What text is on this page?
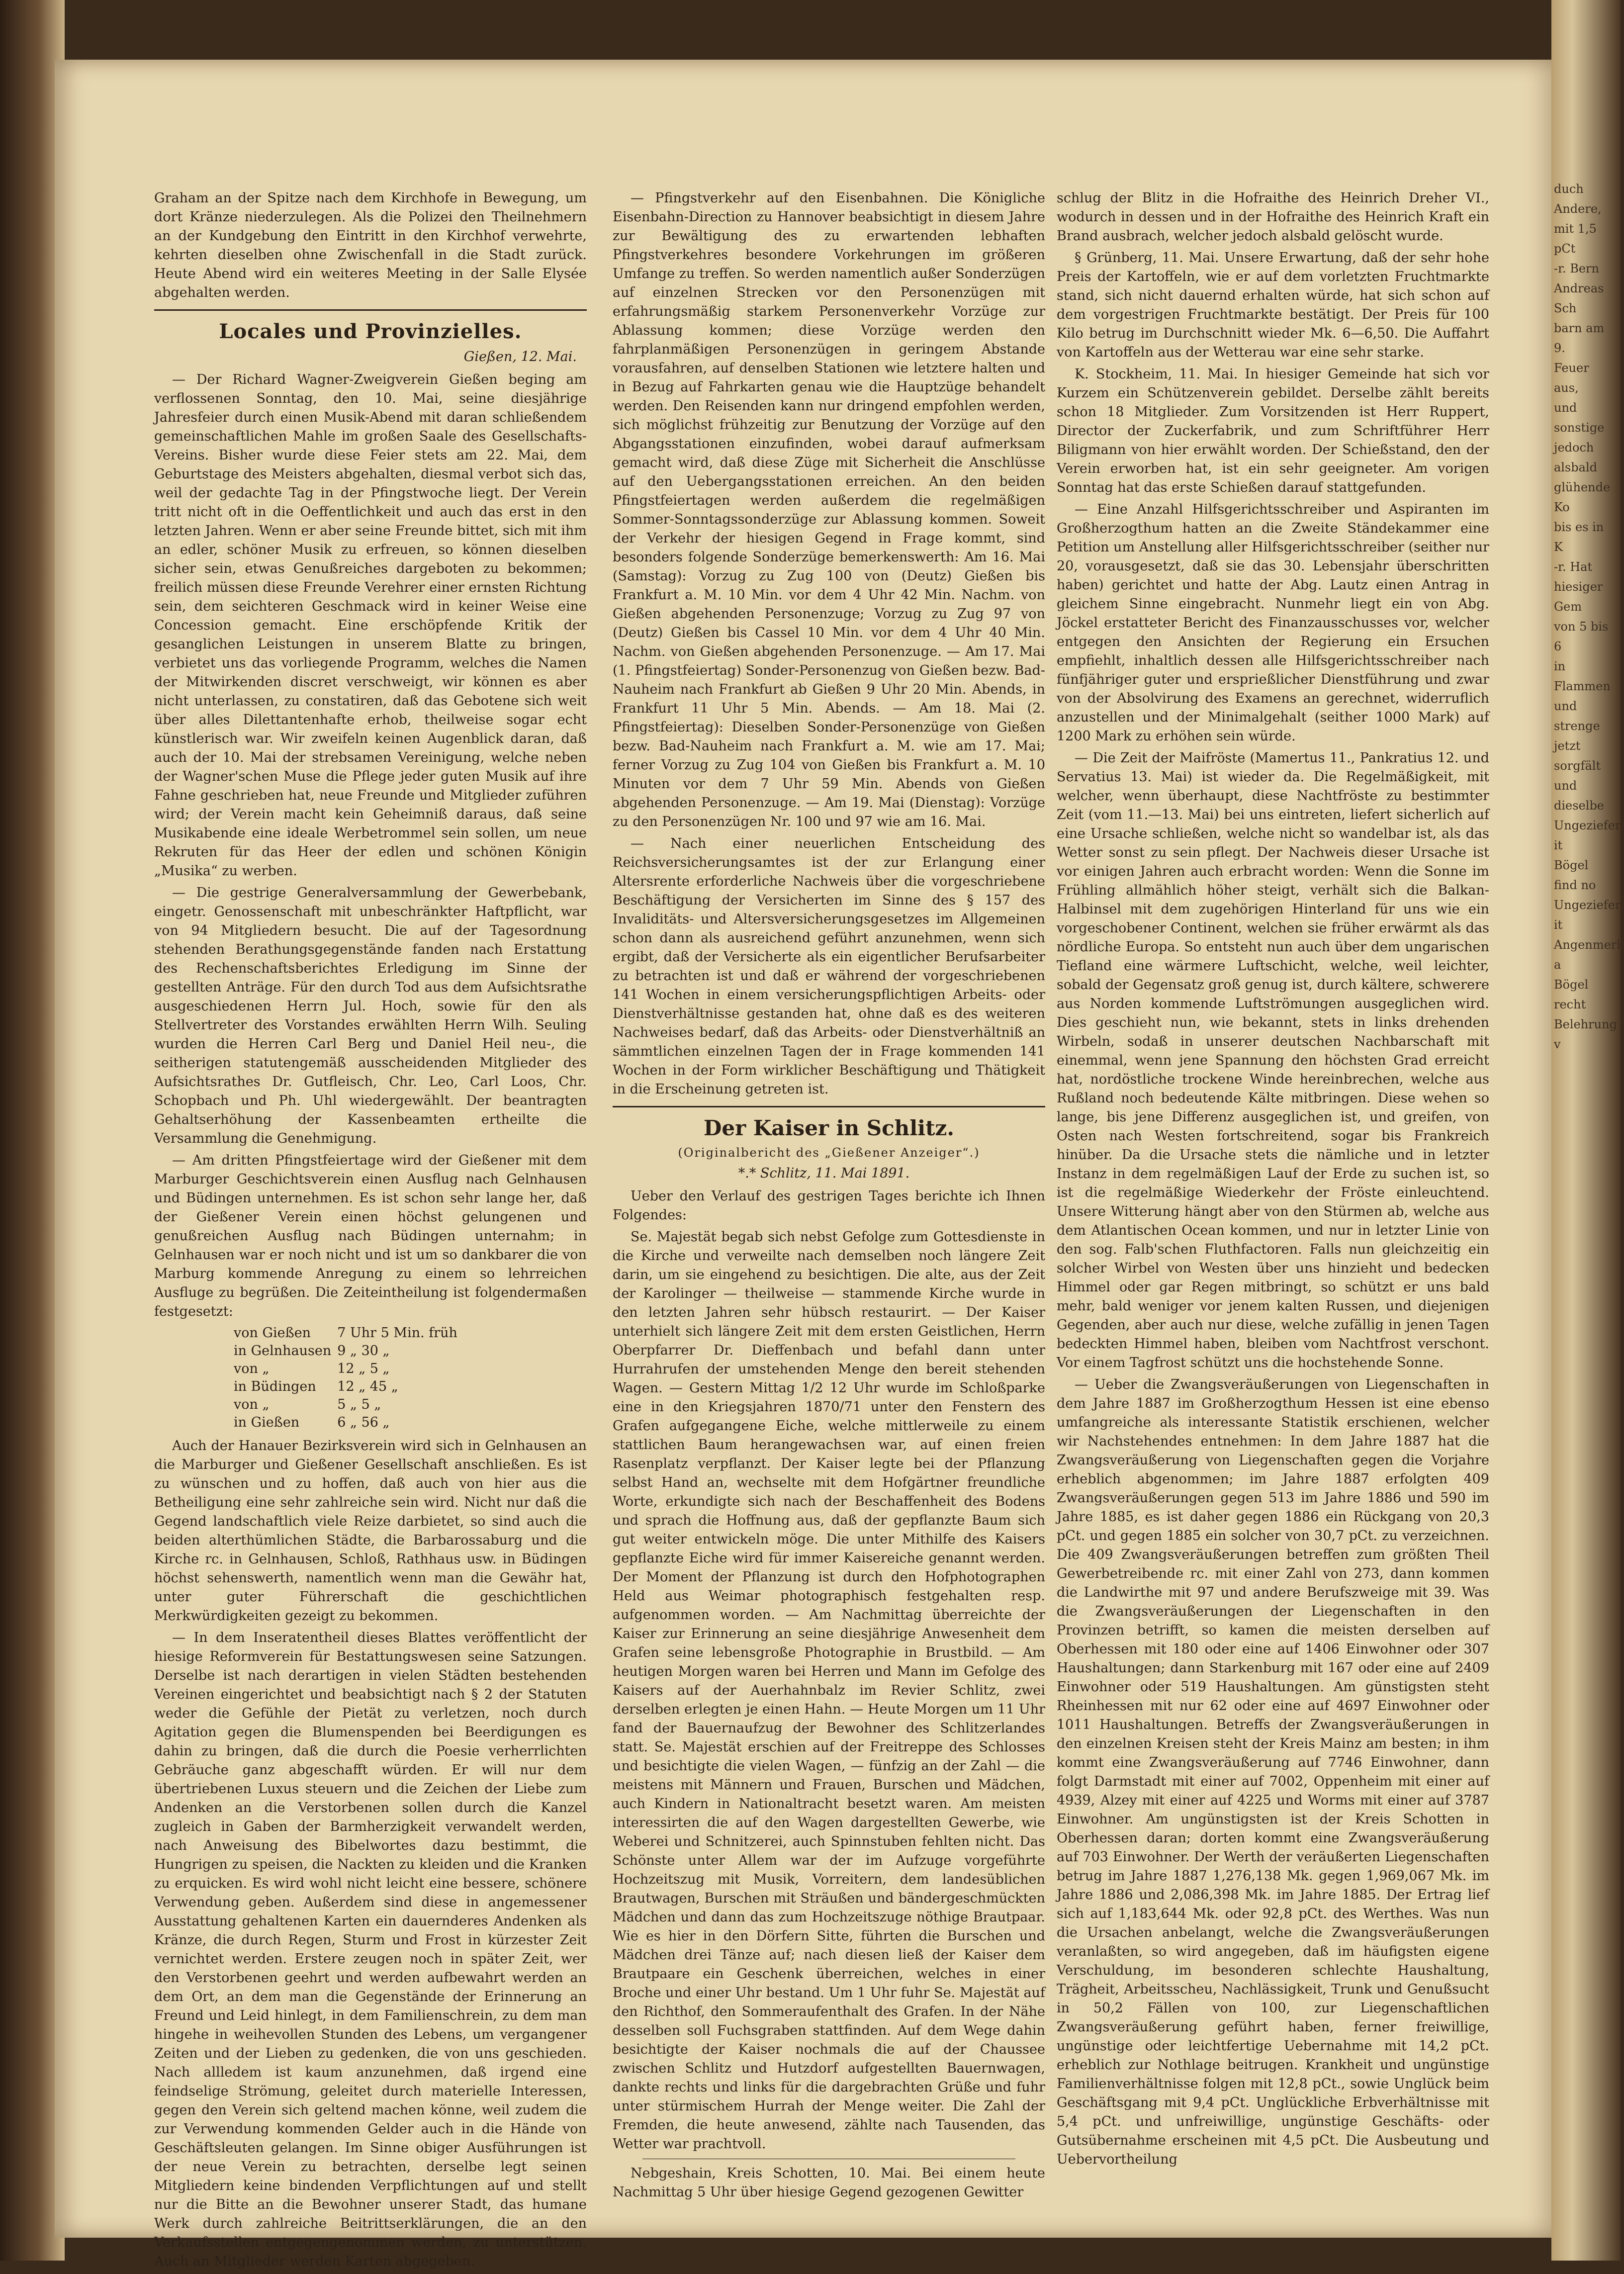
Graham an der Spitze nach dem Kirchhofe in Bewegung, um dort Kränze niederzulegen. Als die Polizei den Theilnehmern an der Kundgebung den Eintritt in den Kirchhof verwehrte, kehrten dieselben ohne Zwischenfall in die Stadt zurück. Heute Abend wird ein weiteres Meeting in der Salle Elysée abgehalten werden.

Locales und Provinzielles.
Gießen, 12. Mai.

— Der Richard Wagner-Zweigverein Gießen beging am verflossenen Sonntag, den 10. Mai, seine diesjährige Jahresfeier durch einen Musik-Abend mit daran schließendem gemeinschaftlichen Mahle im großen Saale des Gesellschafts-Vereins. Bisher wurde diese Feier stets am 22. Mai, dem Geburtstage des Meisters abgehalten, diesmal verbot sich das, weil der gedachte Tag in der Pfingstwoche liegt. Der Verein tritt nicht oft in die Oeffentlichkeit und auch das erst in den letzten Jahren. Wenn er aber seine Freunde bittet, sich mit ihm an edler, schöner Musik zu erfreuen, so können dieselben sicher sein, etwas Genußreiches dargeboten zu bekommen; freilich müssen diese Freunde Verehrer einer ernsten Richtung sein, dem seichteren Geschmack wird in keiner Weise eine Concession gemacht. Eine erschöpfende Kritik der gesanglichen Leistungen in unserem Blatte zu bringen, verbietet uns das vorliegende Programm, welches die Namen der Mitwirkenden discret verschweigt, wir können es aber nicht unterlassen, zu constatiren, daß das Gebotene sich weit über alles Dilettantenhafte erhob, theilweise sogar echt künstlerisch war. Wir zweifeln keinen Augenblick daran, daß auch der 10. Mai der strebsamen Vereinigung, welche neben der Wagner'schen Muse die Pflege jeder guten Musik auf ihre Fahne geschrieben hat, neue Freunde und Mitglieder zuführen wird; der Verein macht kein Geheimniß daraus, daß seine Musikabende eine ideale Werbetrommel sein sollen, um neue Rekruten für das Heer der edlen und schönen Königin „Musika“ zu werben.

— Die gestrige Generalversammlung der Gewerbebank, eingetr. Genossenschaft mit unbeschränkter Haftpflicht, war von 94 Mitgliedern besucht. Die auf der Tagesordnung stehenden Berathungsgegenstände fanden nach Erstattung des Rechenschaftsberichtes Erledigung im Sinne der gestellten Anträge. Für den durch Tod aus dem Aufsichtsrathe ausgeschiedenen Herrn Jul. Hoch, sowie für den als Stellvertreter des Vorstandes erwählten Herrn Wilh. Seuling wurden die Herren Carl Berg und Daniel Heil neu-, die seitherigen statutengemäß ausscheidenden Mitglieder des Aufsichtsrathes Dr. Gutfleisch, Chr. Leo, Carl Loos, Chr. Schopbach und Ph. Uhl wiedergewählt. Der beantragten Gehaltserhöhung der Kassenbeamten ertheilte die Versammlung die Genehmigung.

— Am dritten Pfingstfeiertage wird der Gießener mit dem Marburger Geschichtsverein einen Ausflug nach Gelnhausen und Büdingen unternehmen. Es ist schon sehr lange her, daß der Gießener Verein einen höchst gelungenen und genußreichen Ausflug nach Büdingen unternahm; in Gelnhausen war er noch nicht und ist um so dankbarer die von Marburg kommende Anregung zu einem so lehrreichen Ausfluge zu begrüßen. Die Zeiteintheilung ist folgendermaßen festgesetzt:

von Gießen	7 Uhr 5 Min. früh
in Gelnhausen	9 „ 30 „
von „	12 „ 5 „
in Büdingen	12 „ 45 „
von „	5 „ 5 „
in Gießen	6 „ 56 „

Auch der Hanauer Bezirksverein wird sich in Gelnhausen an die Marburger und Gießener Gesellschaft anschließen. Es ist zu wünschen und zu hoffen, daß auch von hier aus die Betheiligung eine sehr zahlreiche sein wird. Nicht nur daß die Gegend landschaftlich viele Reize darbietet, so sind auch die beiden alterthümlichen Städte, die Barbarossaburg und die Kirche rc. in Gelnhausen, Schloß, Rathhaus usw. in Büdingen höchst sehenswerth, namentlich wenn man die Gewähr hat, unter guter Führerschaft die geschichtlichen Merkwürdigkeiten gezeigt zu bekommen.

— In dem Inseratentheil dieses Blattes veröffentlicht der hiesige Reformverein für Bestattungswesen seine Satzungen. Derselbe ist nach derartigen in vielen Städten bestehenden Vereinen eingerichtet und beabsichtigt nach § 2 der Statuten weder die Gefühle der Pietät zu verletzen, noch durch Agitation gegen die Blumenspenden bei Beerdigungen es dahin zu bringen, daß die durch die Poesie verherrlichten Gebräuche ganz abgeschafft würden. Er will nur dem übertriebenen Luxus steuern und die Zeichen der Liebe zum Andenken an die Verstorbenen sollen durch die Kanzel zugleich in Gaben der Barmherzigkeit verwandelt werden, nach Anweisung des Bibelwortes dazu bestimmt, die Hungrigen zu speisen, die Nackten zu kleiden und die Kranken zu erquicken. Es wird wohl nicht leicht eine bessere, schönere Verwendung geben. Außerdem sind diese in angemessener Ausstattung gehaltenen Karten ein dauernderes Andenken als Kränze, die durch Regen, Sturm und Frost in kürzester Zeit vernichtet werden. Erstere zeugen noch in später Zeit, wer den Verstorbenen geehrt und werden aufbewahrt werden an dem Ort, an dem man die Gegenstände der Erinnerung an Freund und Leid hinlegt, in dem Familienschrein, zu dem man hingehe in weihevollen Stunden des Lebens, um vergangener Zeiten und der Lieben zu gedenken, die von uns geschieden. Nach allledem ist kaum anzunehmen, daß irgend eine feindselige Strömung, geleitet durch materielle Interessen, gegen den Verein sich geltend machen könne, weil zudem die zur Verwendung kommenden Gelder auch in die Hände von Geschäftsleuten gelangen. Im Sinne obiger Ausführungen ist der neue Verein zu betrachten, derselbe legt seinen Mitgliedern keine bindenden Verpflichtungen auf und stellt nur die Bitte an die Bewohner unserer Stadt, das humane Werk durch zahlreiche Beitrittserklärungen, die an den Verkaufsstellen entgegengenommen werden, zu unterstützen. Auch an Mitglieder werden Karten abgegeben.

— Pfingstverkehr auf den Eisenbahnen. Die Königliche Eisenbahn-Direction zu Hannover beabsichtigt in diesem Jahre zur Bewältigung des zu erwartenden lebhaften Pfingstverkehres besondere Vorkehrungen im größeren Umfange zu treffen. So werden namentlich außer Sonderzügen auf einzelnen Strecken vor den Personenzügen mit erfahrungsmäßig starkem Personenverkehr Vorzüge zur Ablassung kommen; diese Vorzüge werden den fahrplanmäßigen Personenzügen in geringem Abstande vorausfahren, auf denselben Stationen wie letztere halten und in Bezug auf Fahrkarten genau wie die Hauptzüge behandelt werden. Den Reisenden kann nur dringend empfohlen werden, sich möglichst frühzeitig zur Benutzung der Vorzüge auf den Abgangsstationen einzufinden, wobei darauf aufmerksam gemacht wird, daß diese Züge mit Sicherheit die Anschlüsse auf den Uebergangsstationen erreichen. An den beiden Pfingstfeiertagen werden außerdem die regelmäßigen Sommer-Sonntagssonderzüge zur Ablassung kommen. Soweit der Verkehr der hiesigen Gegend in Frage kommt, sind besonders folgende Sonderzüge bemerkenswerth: Am 16. Mai (Samstag): Vorzug zu Zug 100 von (Deutz) Gießen bis Frankfurt a. M. 10 Min. vor dem 4 Uhr 42 Min. Nachm. von Gießen abgehenden Personenzuge; Vorzug zu Zug 97 von (Deutz) Gießen bis Cassel 10 Min. vor dem 4 Uhr 40 Min. Nachm. von Gießen abgehenden Personenzuge. — Am 17. Mai (1. Pfingstfeiertag) Sonder-Personenzug von Gießen bezw. Bad-Nauheim nach Frankfurt ab Gießen 9 Uhr 20 Min. Abends, in Frankfurt 11 Uhr 5 Min. Abends. — Am 18. Mai (2. Pfingstfeiertag): Dieselben Sonder-Personenzüge von Gießen bezw. Bad-Nauheim nach Frankfurt a. M. wie am 17. Mai; ferner Vorzug zu Zug 104 von Gießen bis Frankfurt a. M. 10 Minuten vor dem 7 Uhr 59 Min. Abends von Gießen abgehenden Personenzuge. — Am 19. Mai (Dienstag): Vorzüge zu den Personenzügen Nr. 100 und 97 wie am 16. Mai.

— Nach einer neuerlichen Entscheidung des Reichsversicherungsamtes ist der zur Erlangung einer Altersrente erforderliche Nachweis über die vorgeschriebene Beschäftigung der Versicherten im Sinne des § 157 des Invaliditäts- und Altersversicherungsgesetzes im Allgemeinen schon dann als ausreichend geführt anzunehmen, wenn sich ergibt, daß der Versicherte als ein eigentlicher Berufsarbeiter zu betrachten ist und daß er während der vorgeschriebenen 141 Wochen in einem versicherungspflichtigen Arbeits- oder Dienstverhältnisse gestanden hat, ohne daß es des weiteren Nachweises bedarf, daß das Arbeits- oder Dienstverhältniß an sämmtlichen einzelnen Tagen der in Frage kommenden 141 Wochen in der Form wirklicher Beschäftigung und Thätigkeit in die Erscheinung getreten ist.

Der Kaiser in Schlitz.
(Originalbericht des „Gießener Anzeiger“.)
*.* Schlitz, 11. Mai 1891.

Ueber den Verlauf des gestrigen Tages berichte ich Ihnen Folgendes:

Se. Majestät begab sich nebst Gefolge zum Gottesdienste in die Kirche und verweilte nach demselben noch längere Zeit darin, um sie eingehend zu besichtigen. Die alte, aus der Zeit der Karolinger — theilweise — stammende Kirche wurde in den letzten Jahren sehr hübsch restaurirt. — Der Kaiser unterhielt sich längere Zeit mit dem ersten Geistlichen, Herrn Oberpfarrer Dr. Dieffenbach und befahl dann unter Hurrahrufen der umstehenden Menge den bereit stehenden Wagen. — Gestern Mittag 1/2 12 Uhr wurde im Schloßparke eine in den Kriegsjahren 1870/71 unter den Fenstern des Grafen aufgegangene Eiche, welche mittlerweile zu einem stattlichen Baum herangewachsen war, auf einen freien Rasenplatz verpflanzt. Der Kaiser legte bei der Pflanzung selbst Hand an, wechselte mit dem Hofgärtner freundliche Worte, erkundigte sich nach der Beschaffenheit des Bodens und sprach die Hoffnung aus, daß der gepflanzte Baum sich gut weiter entwickeln möge. Die unter Mithilfe des Kaisers gepflanzte Eiche wird für immer Kaisereiche genannt werden. Der Moment der Pflanzung ist durch den Hofphotographen Held aus Weimar photographisch festgehalten resp. aufgenommen worden. — Am Nachmittag überreichte der Kaiser zur Erinnerung an seine diesjährige Anwesenheit dem Grafen seine lebensgroße Photographie in Brustbild. — Am heutigen Morgen waren bei Herren und Mann im Gefolge des Kaisers auf der Auerhahnbalz im Revier Schlitz, zwei derselben erlegten je einen Hahn. — Heute Morgen um 11 Uhr fand der Bauernaufzug der Bewohner des Schlitzerlandes statt. Se. Majestät erschien auf der Freitreppe des Schlosses und besichtigte die vielen Wagen, — fünfzig an der Zahl — die meistens mit Männern und Frauen, Burschen und Mädchen, auch Kindern in Nationaltracht besetzt waren. Am meisten interessirten die auf den Wagen dargestellten Gewerbe, wie Weberei und Schnitzerei, auch Spinnstuben fehlten nicht. Das Schönste unter Allem war der im Aufzuge vorgeführte Hochzeitszug mit Musik, Vorreitern, dem landesüblichen Brautwagen, Burschen mit Sträußen und bändergeschmückten Mädchen und dann das zum Hochzeitszuge nöthige Brautpaar. Wie es hier in den Dörfern Sitte, führten die Burschen und Mädchen drei Tänze auf; nach diesen ließ der Kaiser dem Brautpaare ein Geschenk überreichen, welches in einer Broche und einer Uhr bestand. Um 1 Uhr fuhr Se. Majestät auf den Richthof, den Sommeraufenthalt des Grafen. In der Nähe desselben soll Fuchsgraben stattfinden. Auf dem Wege dahin besichtigte der Kaiser nochmals die auf der Chaussee zwischen Schlitz und Hutzdorf aufgestellten Bauernwagen, dankte rechts und links für die dargebrachten Grüße und fuhr unter stürmischem Hurrah der Menge weiter. Die Zahl der Fremden, die heute anwesend, zählte nach Tausenden, das Wetter war prachtvoll.

Nebgeshain, Kreis Schotten, 10. Mai. Bei einem heute Nachmittag 5 Uhr über hiesige Gegend gezogenen Gewitter

schlug der Blitz in die Hofraithe des Heinrich Dreher VI., wodurch in dessen und in der Hofraithe des Heinrich Kraft ein Brand ausbrach, welcher jedoch alsbald gelöscht wurde.

§ Grünberg, 11. Mai. Unsere Erwartung, daß der sehr hohe Preis der Kartoffeln, wie er auf dem vorletzten Fruchtmarkte stand, sich nicht dauernd erhalten würde, hat sich schon auf dem vorgestrigen Fruchtmarkte bestätigt. Der Preis für 100 Kilo betrug im Durchschnitt wieder Mk. 6—6,50. Die Auffahrt von Kartoffeln aus der Wetterau war eine sehr starke.

K. Stockheim, 11. Mai. In hiesiger Gemeinde hat sich vor Kurzem ein Schützenverein gebildet. Derselbe zählt bereits schon 18 Mitglieder. Zum Vorsitzenden ist Herr Ruppert, Director der Zuckerfabrik, und zum Schriftführer Herr Biligmann von hier erwählt worden. Der Schießstand, den der Verein erworben hat, ist ein sehr geeigneter. Am vorigen Sonntag hat das erste Schießen darauf stattgefunden.

— Eine Anzahl Hilfsgerichtsschreiber und Aspiranten im Großherzogthum hatten an die Zweite Ständekammer eine Petition um Anstellung aller Hilfsgerichtsschreiber (seither nur 20, vorausgesetzt, daß sie das 30. Lebensjahr überschritten haben) gerichtet und hatte der Abg. Lautz einen Antrag in gleichem Sinne eingebracht. Nunmehr liegt ein von Abg. Jöckel erstatteter Bericht des Finanzausschusses vor, welcher entgegen den Ansichten der Regierung ein Ersuchen empfiehlt, inhaltlich dessen alle Hilfsgerichtsschreiber nach fünfjähriger guter und ersprießlicher Dienstführung und zwar von der Absolvirung des Examens an gerechnet, widerruflich anzustellen und der Minimalgehalt (seither 1000 Mark) auf 1200 Mark zu erhöhen sein würde.

— Die Zeit der Maifröste (Mamertus 11., Pankratius 12. und Servatius 13. Mai) ist wieder da. Die Regelmäßigkeit, mit welcher, wenn überhaupt, diese Nachtfröste zu bestimmter Zeit (vom 11.—13. Mai) bei uns eintreten, liefert sicherlich auf eine Ursache schließen, welche nicht so wandelbar ist, als das Wetter sonst zu sein pflegt. Der Nachweis dieser Ursache ist vor einigen Jahren auch erbracht worden: Wenn die Sonne im Frühling allmählich höher steigt, verhält sich die Balkan-Halbinsel mit dem zugehörigen Hinterland für uns wie ein vorgeschobener Continent, welchen sie früher erwärmt als das nördliche Europa. So entsteht nun auch über dem ungarischen Tiefland eine wärmere Luftschicht, welche, weil leichter, sobald der Gegensatz groß genug ist, durch kältere, schwerere aus Norden kommende Luftströmungen ausgeglichen wird. Dies geschieht nun, wie bekannt, stets in links drehenden Wirbeln, sodaß in unserer deutschen Nachbarschaft mit einemmal, wenn jene Spannung den höchsten Grad erreicht hat, nordöstliche trockene Winde hereinbrechen, welche aus Rußland noch bedeutende Kälte mitbringen. Diese wehen so lange, bis jene Differenz ausgeglichen ist, und greifen, von Osten nach Westen fortschreitend, sogar bis Frankreich hinüber. Da die Ursache stets die nämliche und in letzter Instanz in dem regelmäßigen Lauf der Erde zu suchen ist, so ist die regelmäßige Wiederkehr der Fröste einleuchtend. Unsere Witterung hängt aber von den Stürmen ab, welche aus dem Atlantischen Ocean kommen, und nur in letzter Linie von den sog. Falb'schen Fluthfactoren. Falls nun gleichzeitig ein solcher Wirbel von Westen über uns hinzieht und bedecken Himmel oder gar Regen mitbringt, so schützt er uns bald mehr, bald weniger vor jenem kalten Russen, und diejenigen Gegenden, aber auch nur diese, welche zufällig in jenen Tagen bedeckten Himmel haben, bleiben vom Nachtfrost verschont. Vor einem Tagfrost schützt uns die hochstehende Sonne.

— Ueber die Zwangsveräußerungen von Liegenschaften in dem Jahre 1887 im Großherzogthum Hessen ist eine ebenso umfangreiche als interessante Statistik erschienen, welcher wir Nachstehendes entnehmen: In dem Jahre 1887 hat die Zwangsveräußerung von Liegenschaften gegen die Vorjahre erheblich abgenommen; im Jahre 1887 erfolgten 409 Zwangsveräußerungen gegen 513 im Jahre 1886 und 590 im Jahre 1885, es ist daher gegen 1886 ein Rückgang von 20,3 pCt. und gegen 1885 ein solcher von 30,7 pCt. zu verzeichnen. Die 409 Zwangsveräußerungen betreffen zum größten Theil Gewerbetreibende rc. mit einer Zahl von 273, dann kommen die Landwirthe mit 97 und andere Berufszweige mit 39. Was die Zwangsveräußerungen der Liegenschaften in den Provinzen betrifft, so kamen die meisten derselben auf Oberhessen mit 180 oder eine auf 1406 Einwohner oder 307 Haushaltungen; dann Starkenburg mit 167 oder eine auf 2409 Einwohner oder 519 Haushaltungen. Am günstigsten steht Rheinhessen mit nur 62 oder eine auf 4697 Einwohner oder 1011 Haushaltungen. Betreffs der Zwangsveräußerungen in den einzelnen Kreisen steht der Kreis Mainz am besten; in ihm kommt eine Zwangsveräußerung auf 7746 Einwohner, dann folgt Darmstadt mit einer auf 7002, Oppenheim mit einer auf 4939, Alzey mit einer auf 4225 und Worms mit einer auf 3787 Einwohner. Am ungünstigsten ist der Kreis Schotten in Oberhessen daran; dorten kommt eine Zwangsveräußerung auf 703 Einwohner. Der Werth der veräußerten Liegenschaften betrug im Jahre 1887 1,276,138 Mk. gegen 1,969,067 Mk. im Jahre 1886 und 2,086,398 Mk. im Jahre 1885. Der Ertrag lief sich auf 1,183,644 Mk. oder 92,8 pCt. des Werthes. Was nun die Ursachen anbelangt, welche die Zwangsveräußerungen veranlaßten, so wird angegeben, daß im häufigsten eigene Verschuldung, im besonderen schlechte Haushaltung, Trägheit, Arbeitsscheu, Nachlässigkeit, Trunk und Genußsucht in 50,2 Fällen von 100, zur Liegenschaftlichen Zwangsveräußerung geführt haben, ferner freiwillige, ungünstige oder leichtfertige Uebernahme mit 14,2 pCt. erheblich zur Nothlage beitrugen. Krankheit und ungünstige Familienverhältnisse folgen mit 12,8 pCt., sowie Unglück beim Geschäftsgang mit 9,4 pCt. Unglückliche Erbverhältnisse mit 5,4 pCt. und unfreiwillige, ungünstige Geschäfts- oder Gutsübernahme erscheinen mit 4,5 pCt. Die Ausbeutung und Uebervortheilung

duch Andere,
mit 1,5 pCt
-r. Bern
Andreas Sch
barn am 9.
Feuer aus,
und sonstige
jedoch alsbald
glühende Ko
bis es in K
-r. Hat
hiesiger Gem
von 5 bis 6
in Flammen
und strenge
jetzt sorgfält
und dieselbe
Ungeziefer it
Bögel find no
Ungeziefer it
Angenmerk a
Bögel recht
Belehrung v
